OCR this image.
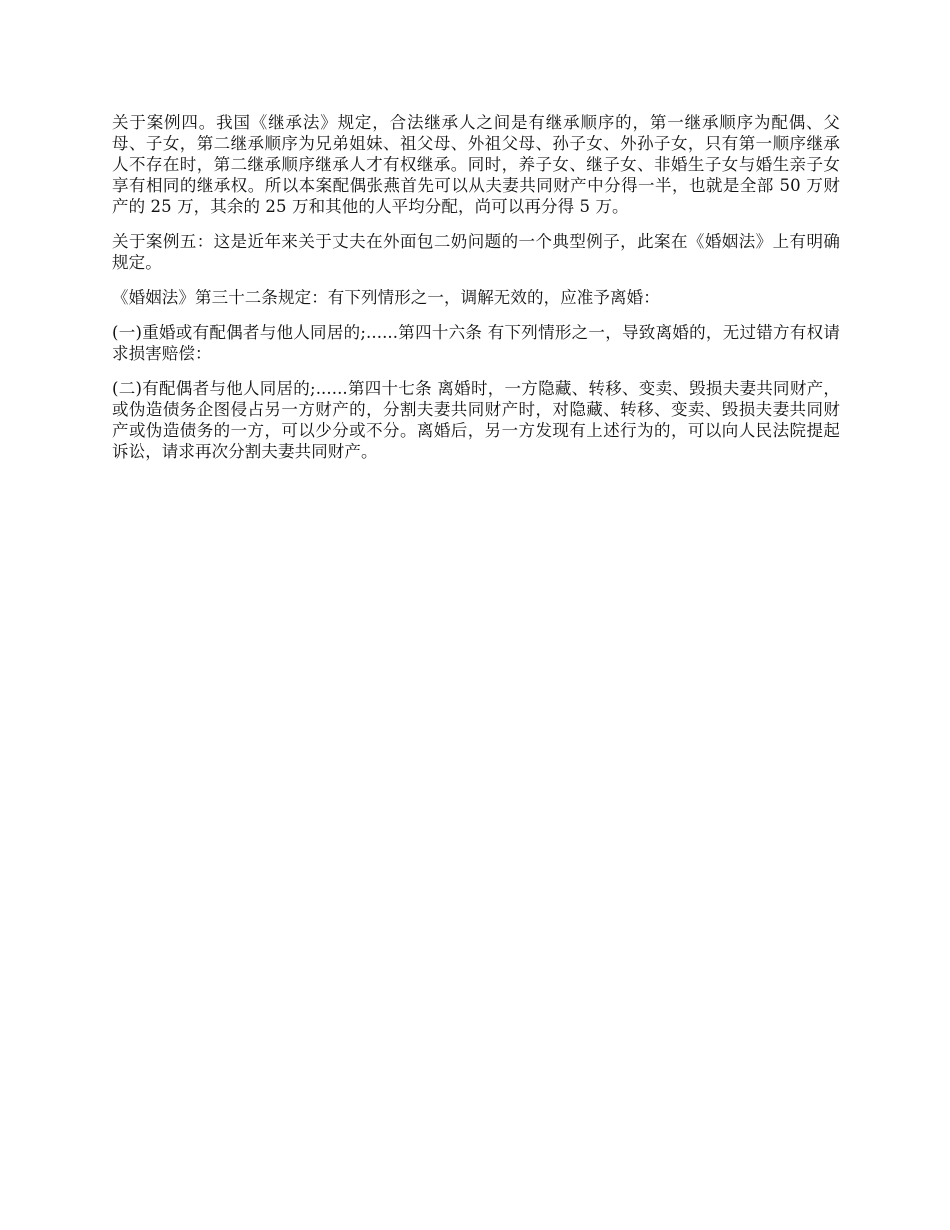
关于案例四。我国《继承法》规定，合法继承人之间是有继承顺序的，第一继承顺序为配偶、父母、子女，第二继承顺序为兄弟姐妹、祖父母、外祖父母、孙子女、外孙子女，只有第一顺序继承人不存在时，第二继承顺序继承人才有权继承。同时，养子女、继子女、非婚生子女与婚生亲子女享有相同的继承权。所以本案配偶张燕首先可以从夫妻共同财产中分得一半，也就是全部 50 万财产的 25 万，其余的 25 万和其他的人平均分配，尚可以再分得 5 万。

关于案例五：这是近年来关于丈夫在外面包二奶问题的一个典型例子，此案在《婚姻法》上有明确规定。

《婚姻法》第三十二条规定：有下列情形之一，调解无效的，应准予离婚：

(一)重婚或有配偶者与他人同居的;......第四十六条 有下列情形之一，导致离婚的，无过错方有权请求损害赔偿：

(二)有配偶者与他人同居的;......第四十七条 离婚时，一方隐藏、转移、变卖、毁损夫妻共同财产，或伪造债务企图侵占另一方财产的，分割夫妻共同财产时，对隐藏、转移、变卖、毁损夫妻共同财产或伪造债务的一方，可以少分或不分。离婚后，另一方发现有上述行为的，可以向人民法院提起诉讼，请求再次分割夫妻共同财产。
